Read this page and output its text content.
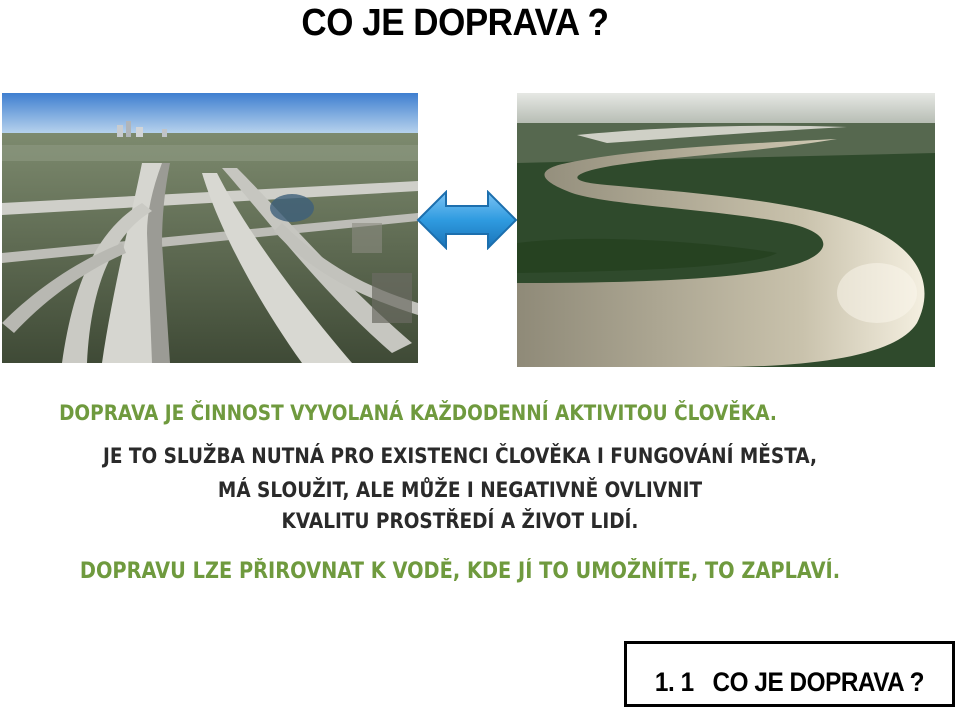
CO JE DOPRAVA ?
DOPRAVA JE ČINNOST VYVOLANÁ KAŽDODENNÍ AKTIVITOU ČLOVĚKA.
JE TO SLUŽBA NUTNÁ PRO EXISTENCI ČLOVĚKA I FUNGOVÁNÍ MĚSTA,
MÁ SLOUŽIT, ALE MŮŽE I NEGATIVNĚ OVLIVNIT
KVALITU PROSTŘEDÍ A ŽIVOT LIDÍ.
DOPRAVU LZE PŘIROVNAT K VODĚ, KDE JÍ TO UMOŽNÍTE, TO ZAPLAVÍ.
1. 1   CO JE DOPRAVA ?
